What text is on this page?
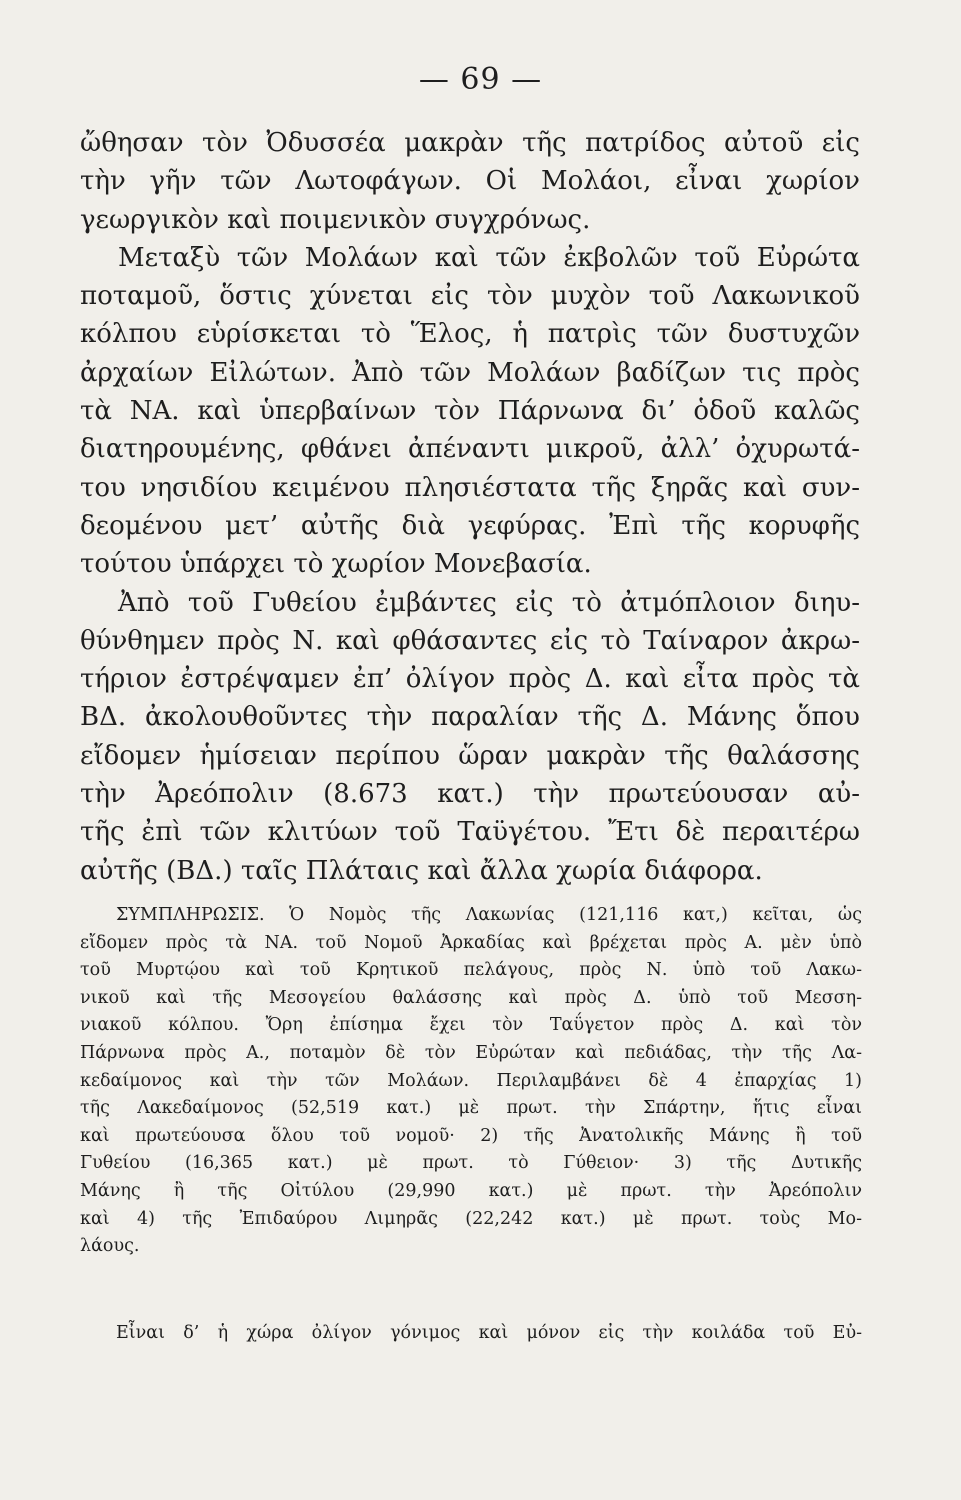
— 69 —
ὤθησαν τὸν Ὀδυσσέα μακρὰν τῆς πατρίδος αὐτοῦ εἰς
τὴν γῆν τῶν Λωτοφάγων. Οἱ Μολάοι, εἶναι χωρίον
γεωργικὸν καὶ ποιμενικὸν συγχρόνως.
Μεταξὺ τῶν Μολάων καὶ τῶν ἐκβολῶν τοῦ Εὐρώτα
ποταμοῦ, ὅστις χύνεται εἰς τὸν μυχὸν τοῦ Λακωνικοῦ
κόλπου εὑρίσκεται τὸ Ἕλος, ἡ πατρὶς τῶν δυστυχῶν
ἀρχαίων Εἰλώτων. Ἀπὸ τῶν Μολάων βαδίζων τις πρὸς
τὰ ΝΑ. καὶ ὑπερβαίνων τὸν Πάρνωνα δι’ ὁδοῦ καλῶς
διατηρουμένης, φθάνει ἀπέναντι μικροῦ, ἀλλ’ ὀχυρωτά-
του νησιδίου κειμένου πλησιέστατα τῆς ξηρᾶς καὶ συν-
δεομένου μετ’ αὐτῆς διὰ γεφύρας. Ἐπὶ τῆς κορυφῆς
τούτου ὑπάρχει τὸ χωρίον Μονεβασία.
Ἀπὸ τοῦ Γυθείου ἐμβάντες εἰς τὸ ἀτμόπλοιον διηυ-
θύνθημεν πρὸς Ν. καὶ φθάσαντες εἰς τὸ Ταίναρον ἀκρω-
τήριον ἐστρέψαμεν ἐπ’ ὀλίγον πρὸς Δ. καὶ εἶτα πρὸς τὰ
ΒΔ. ἀκολουθοῦντες τὴν παραλίαν τῆς Δ. Μάνης ὅπου
εἴδομεν ἡμίσειαν περίπου ὥραν μακρὰν τῆς θαλάσσης
τὴν Ἀρεόπολιν (8.673 κατ.) τὴν πρωτεύουσαν αὐ-
τῆς ἐπὶ τῶν κλιτύων τοῦ Ταϋγέτου. Ἔτι δὲ περαιτέρω
αὐτῆς (ΒΔ.) ταῖς Πλάταις καὶ ἄλλα χωρία διάφορα.
ΣΥΜΠΛΗΡΩΣΙΣ. Ὁ Νομὸς τῆς Λακωνίας (121,116 κατ,) κεῖται, ὡς
εἴδομεν πρὸς τὰ ΝΑ. τοῦ Νομοῦ Ἀρκαδίας καὶ βρέχεται πρὸς Α. μὲν ὑπὸ
τοῦ Μυρτῴου καὶ τοῦ Κρητικοῦ πελάγους, πρὸς Ν. ὑπὸ τοῦ Λακω-
νικοῦ καὶ τῆς Μεσογείου θαλάσσης καὶ πρὸς Δ. ὑπὸ τοῦ Μεσση-
νιακοῦ κόλπου. Ὄρη ἐπίσημα ἔχει τὸν Ταΰγετον πρὸς Δ. καὶ τὸν
Πάρνωνα πρὸς Α., ποταμὸν δὲ τὸν Εὐρώταν καὶ πεδιάδας, τὴν τῆς Λα-
κεδαίμονος καὶ τὴν τῶν Μολάων. Περιλαμβάνει δὲ 4 ἐπαρχίας 1)
τῆς Λακεδαίμονος (52,519 κατ.) μὲ πρωτ. τὴν Σπάρτην, ἥτις εἶναι
καὶ πρωτεύουσα ὅλου τοῦ νομοῦ· 2) τῆς Ἀνατολικῆς Μάνης ἢ τοῦ
Γυθείου (16,365 κατ.) μὲ πρωτ. τὸ Γύθειον· 3) τῆς Δυτικῆς
Μάνης ἢ τῆς Οἰτύλου (29,990 κατ.) μὲ πρωτ. τὴν Ἀρεόπολιν
καὶ 4) τῆς Ἐπιδαύρου Λιμηρᾶς (22,242 κατ.) μὲ πρωτ. τοὺς Μο-
λάους.
Εἶναι δ’ ἡ χώρα ὀλίγον γόνιμος καὶ μόνον εἰς τὴν κοιλάδα τοῦ Εὐ-
